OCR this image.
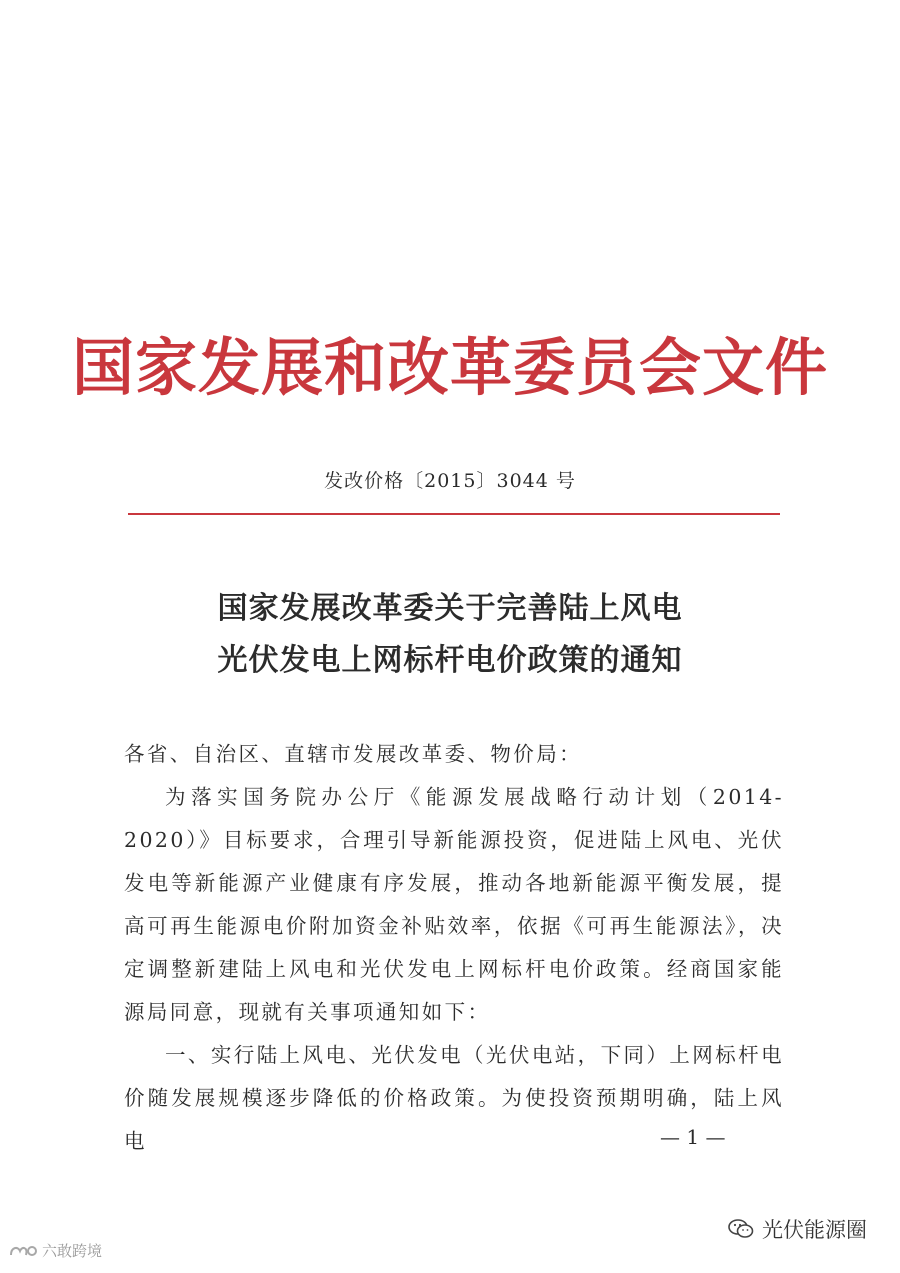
国家发展和改革委员会文件
发改价格〔2015〕3044 号
国家发展改革委关于完善陆上风电
光伏发电上网标杆电价政策的通知

各省、自治区、直辖市发展改革委、物价局：

为落实国务院办公厅《能源发展战略行动计划（2014-2020）》目标要求，合理引导新能源投资，促进陆上风电、光伏发电等新能源产业健康有序发展，推动各地新能源平衡发展，提高可再生能源电价附加资金补贴效率，依据《可再生能源法》，决定调整新建陆上风电和光伏发电上网标杆电价政策。经商国家能源局同意，现就有关事项通知如下：

一、实行陆上风电、光伏发电（光伏电站，下同）上网标杆电价随发展规模逐步降低的价格政策。为使投资预期明确，陆上风电	— 1 —
六敢跨境
光伏能源圈
